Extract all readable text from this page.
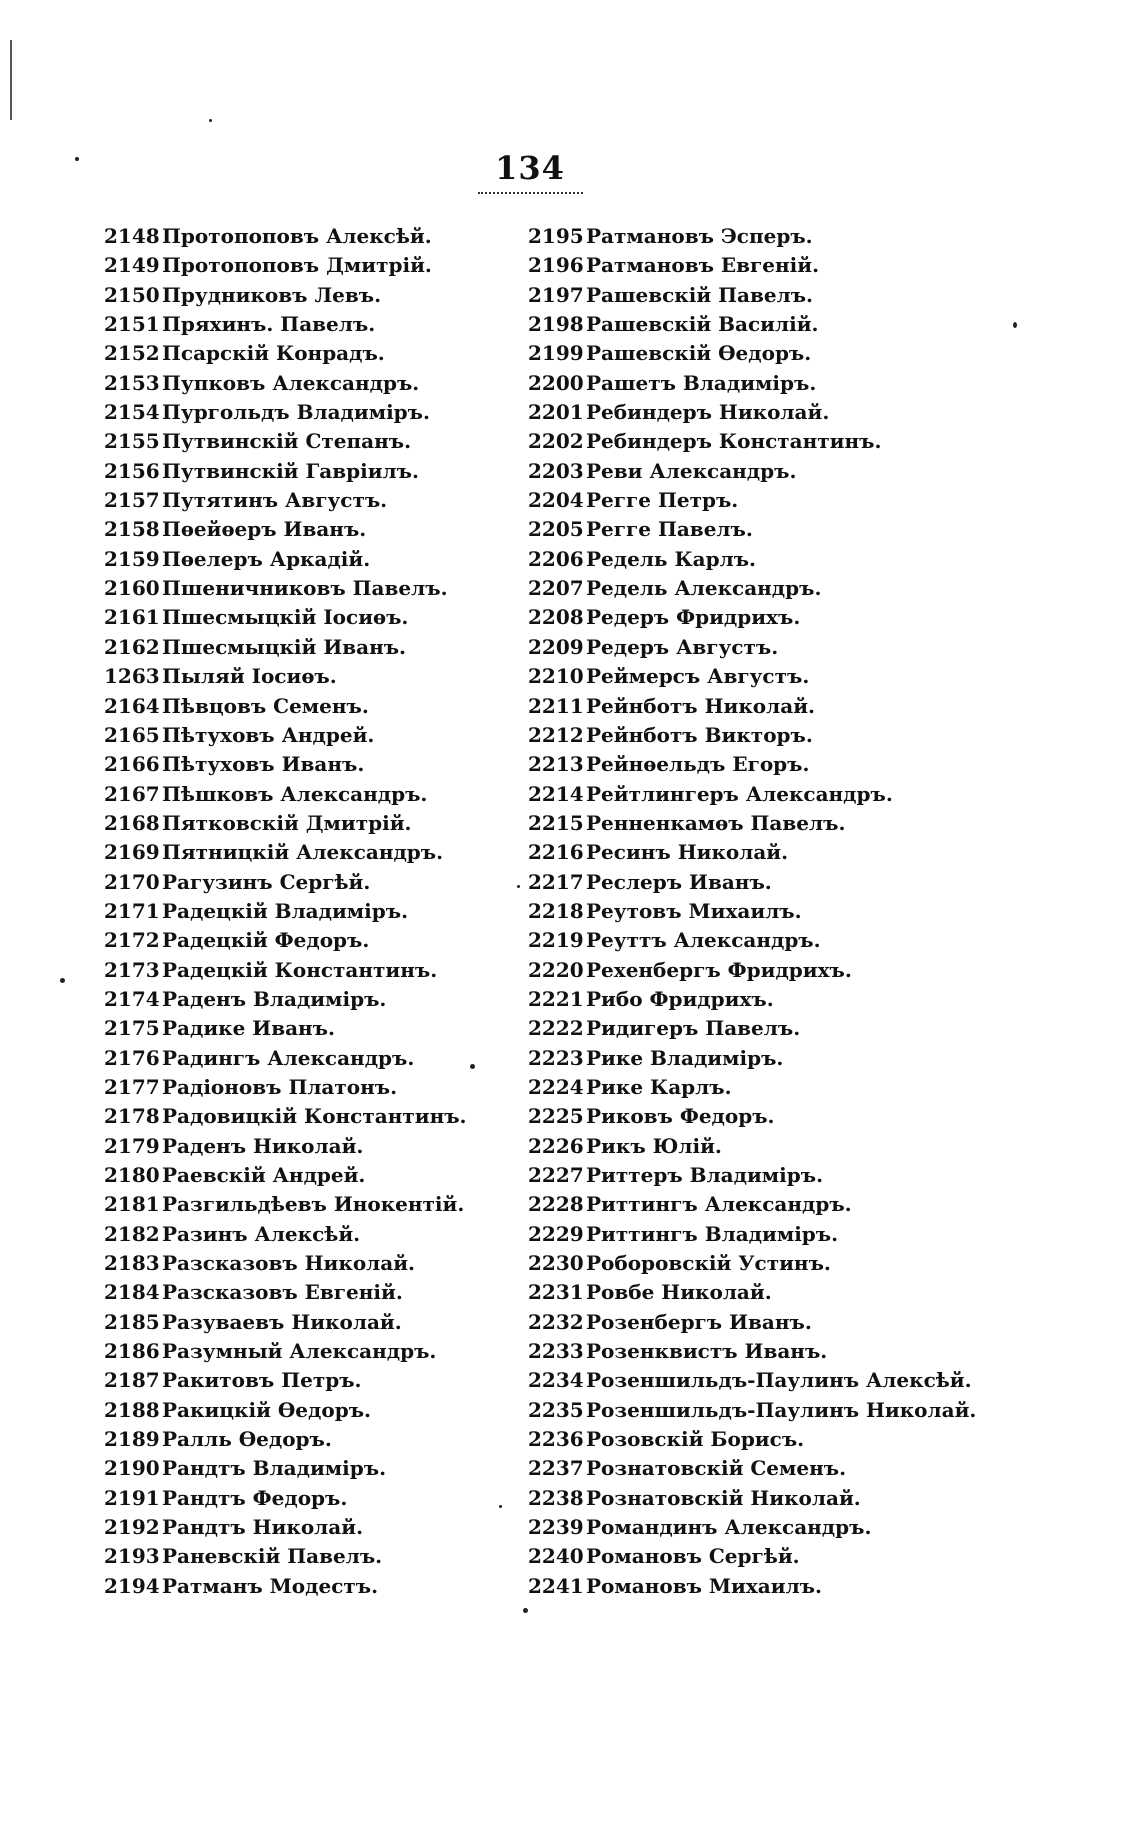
134
2148 Протопоповъ Алексѣй.
2149 Протопоповъ Дмитрій.
2150 Прудниковъ Левъ.
2151 Пряхинъ. Павелъ.
2152 Псарскій Конрадъ.
2153 Пупковъ Александръ.
2154 Пургольдъ Владиміръ.
2155 Путвинскій Степанъ.
2156 Путвинскій Гавріилъ.
2157 Путятинъ Августъ.
2158 Пѳейѳеръ Иванъ.
2159 Пѳелеръ Аркадій.
2160 Пшеничниковъ Павелъ.
2161 Пшесмыцкій Іосиѳъ.
2162 Пшесмыцкій Иванъ.
1263 Пыляй Іосиѳъ.
2164 Пѣвцовъ Семенъ.
2165 Пѣтуховъ Андрей.
2166 Пѣтуховъ Иванъ.
2167 Пѣшковъ Александръ.
2168 Пятковскій Дмитрій.
2169 Пятницкій Александръ.
2170 Рагузинъ Сергѣй.
2171 Радецкій Владиміръ.
2172 Радецкій Федоръ.
2173 Радецкій Константинъ.
2174 Раденъ Владиміръ.
2175 Радике Иванъ.
2176 Радингъ Александръ.
2177 Радіоновъ Платонъ.
2178 Радовицкій Константинъ.
2179 Раденъ Николай.
2180 Раевскій Андрей.
2181 Разгильдѣевъ Инокентій.
2182 Разинъ Алексѣй.
2183 Разсказовъ Николай.
2184 Разсказовъ Евгеній.
2185 Разуваевъ Николай.
2186 Разумный Александръ.
2187 Ракитовъ Петръ.
2188 Ракицкій Ѳедоръ.
2189 Ралль Ѳедоръ.
2190 Рандтъ Владиміръ.
2191 Рандтъ Федоръ.
2192 Рандтъ Николай.
2193 Раневскій Павелъ.
2194 Ратманъ Модестъ.
2195 Ратмановъ Эсперъ.
2196 Ратмановъ Евгеній.
2197 Рашевскій Павелъ.
2198 Рашевскій Василій.
2199 Рашевскій Ѳедоръ.
2200 Рашетъ Владиміръ.
2201 Ребиндеръ Николай.
2202 Ребиндеръ Константинъ.
2203 Реви Александръ.
2204 Регге Петръ.
2205 Регге Павелъ.
2206 Редель Карлъ.
2207 Редель Александръ.
2208 Редеръ Фридрихъ.
2209 Редеръ Августъ.
2210 Реймерсъ Августъ.
2211 Рейнботъ Николай.
2212 Рейнботъ Викторъ.
2213 Рейнѳельдъ Егоръ.
2214 Рейтлингеръ Александръ.
2215 Ренненкамѳъ Павелъ.
2216 Ресинъ Николай.
2217 Реслеръ Иванъ.
2218 Реутовъ Михаилъ.
2219 Реуттъ Александръ.
2220 Рехенбергъ Фридрихъ.
2221 Рибо Фридрихъ.
2222 Ридигеръ Павелъ.
2223 Рике Владиміръ.
2224 Рике Карлъ.
2225 Риковъ Федоръ.
2226 Рикъ Юлій.
2227 Риттеръ Владиміръ.
2228 Риттингъ Александръ.
2229 Риттингъ Владиміръ.
2230 Роборовскій Устинъ.
2231 Ровбе Николай.
2232 Розенбергъ Иванъ.
2233 Розенквистъ Иванъ.
2234 Розеншильдъ-Паулинъ Алексѣй.
2235 Розеншильдъ-Паулинъ Николай.
2236 Розовскій Борисъ.
2237 Рознатовскій Семенъ.
2238 Рознатовскій Николай.
2239 Романдинъ Александръ.
2240 Романовъ Сергѣй.
2241 Романовъ Михаилъ.
